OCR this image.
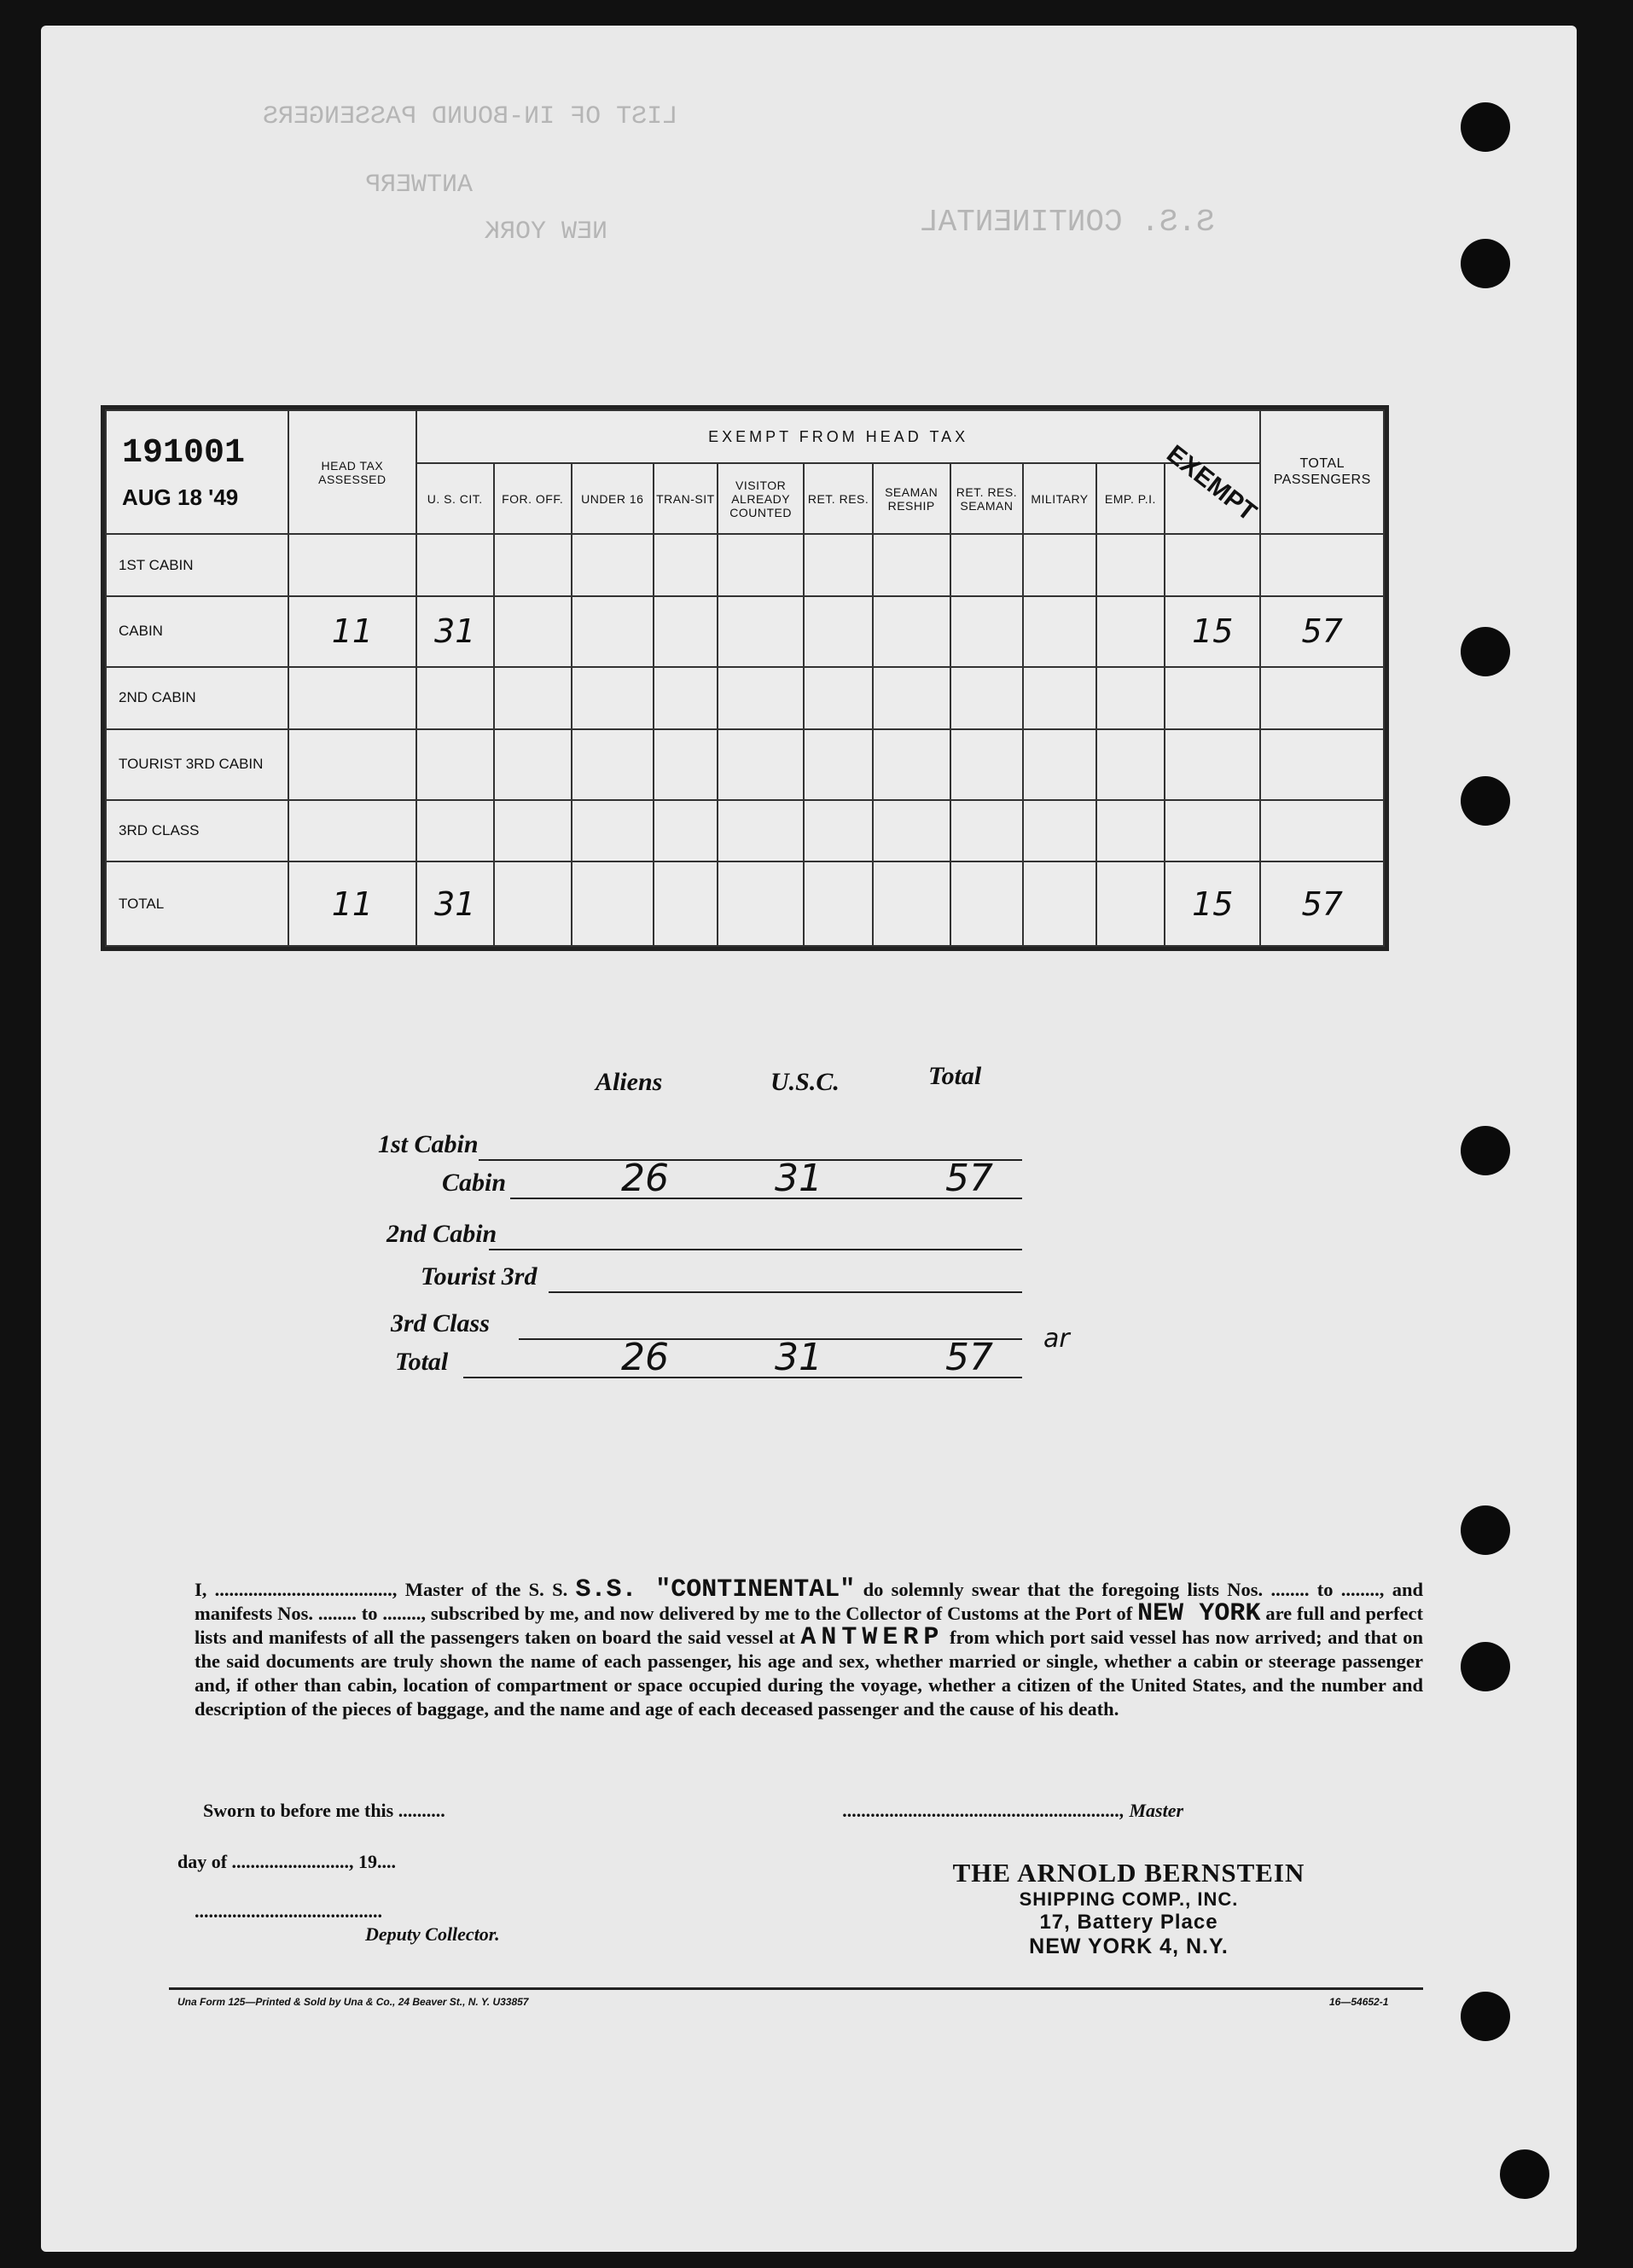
LIST OF IN-BOUND PASSENGERS
S.S. CONTINENTAL
NEW YORK
ANTWERP
191001
AUG 18 '49	HEAD TAX ASSESSED	EXEMPT FROM HEAD TAX											TOTAL PASSENGERS
		U. S. CIT.	FOR. OFF.	UNDER 16	TRAN-SIT	VISITOR ALREADY COUNTED	RET. RES.	SEAMAN RESHIP	RET. RES. SEAMAN	MILITARY	EMP. P.I.		
1ST CABIN													
CABIN	11	31										15	57
2ND CABIN													
TOURIST 3RD CABIN													
3RD CLASS													
TOTAL	11	31										15	57
EXEMPT
Aliens	U.S.C.	Total
1st Cabin
Cabin	26	31	57
2nd Cabin
Tourist 3rd
3rd Class
Total	26	31	57 ar
I, ....................................., Master of the S. S. S.S. "CONTINENTAL" do solemnly swear that the foregoing lists Nos. ........ to ........, and manifests Nos. ........ to ........, subscribed by me, and now delivered by me to the Collector of Customs at the Port of NEW YORK are full and perfect lists and manifests of all the passengers taken on board the said vessel at ANTWERP from which port said vessel has now arrived; and that on the said documents are truly shown the name of each passenger, his age and sex, whether married or single, whether a cabin or steerage passenger and, if other than cabin, location of compartment or space occupied during the voyage, whether a citizen of the United States, and the number and description of the pieces of baggage, and the name and age of each deceased passenger and the cause of his death.
Sworn to before me this ..........
day of ........................., 19....
........................................
Deputy Collector.
..........................................................., Master
THE ARNOLD BERNSTEIN
SHIPPING COMP., INC.
17, Battery Place
NEW YORK 4, N.Y.
Una Form 125—Printed & Sold by Una & Co., 24 Beaver St., N. Y. U33857	16—54652-1
